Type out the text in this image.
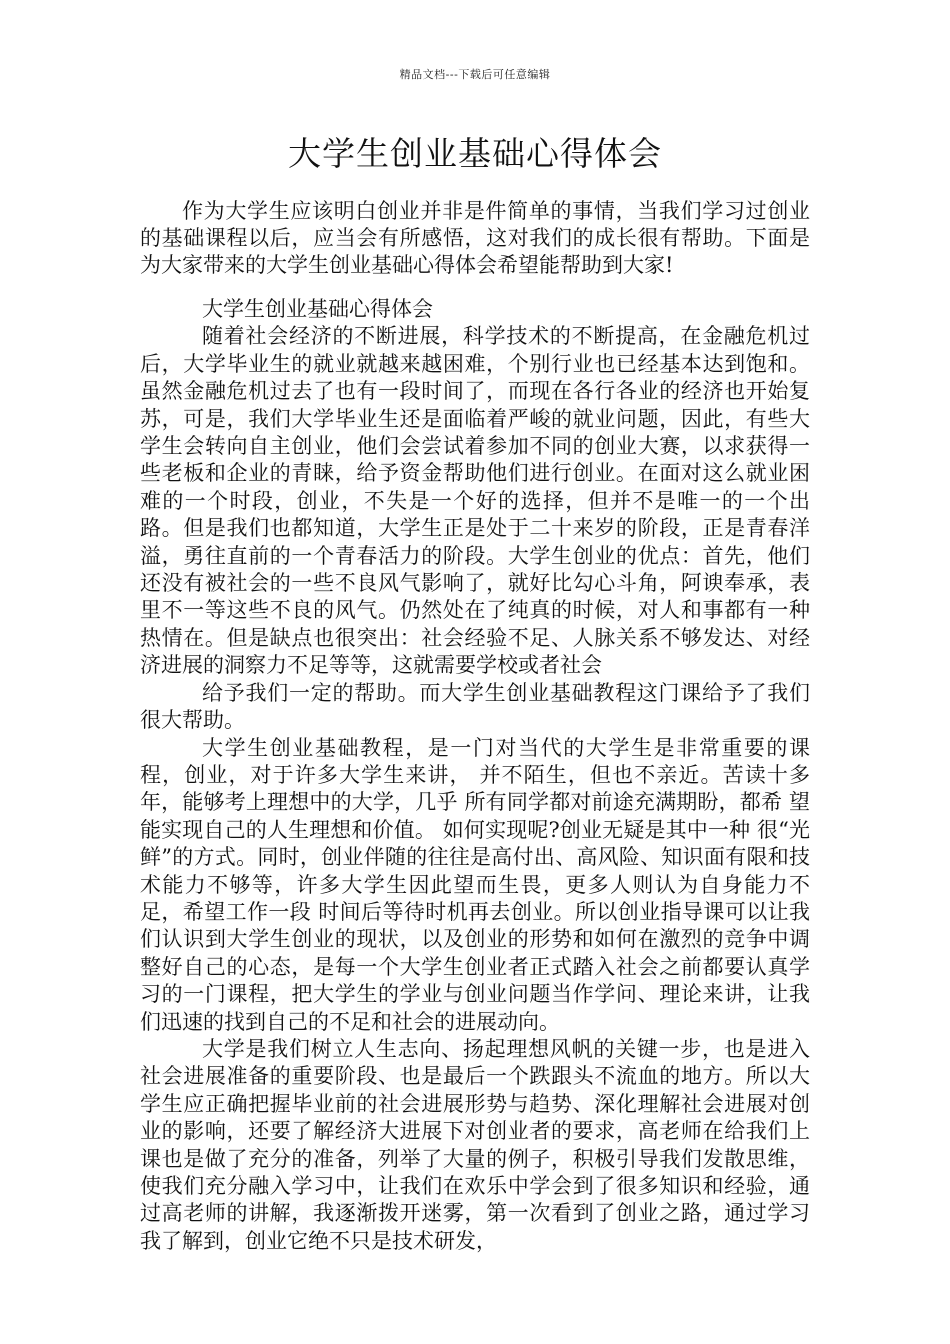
精品文档---下载后可任意编辑
大学生创业基础心得体会

作为大学生应该明白创业并非是件简单的事情，当我们学习过创业的基础课程以后，应当会有所感悟，这对我们的成长很有帮助。下面是为大家带来的大学生创业基础心得体会希望能帮助到大家!

大学生创业基础心得体会

随着社会经济的不断进展，科学技术的不断提高，在金融危机过后，大学毕业生的就业就越来越困难，个别行业也已经基本达到饱和。虽然金融危机过去了也有一段时间了，而现在各行各业的经济也开始复苏，可是，我们大学毕业生还是面临着严峻的就业问题，因此，有些大学生会转向自主创业，他们会尝试着参加不同的创业大赛，以求获得一些老板和企业的青睐，给予资金帮助他们进行创业。在面对这么就业困难的一个时段，创业，不失是一个好的选择，但并不是唯一的一个出路。但是我们也都知道，大学生正是处于二十来岁的阶段，正是青春洋溢，勇往直前的一个青春活力的阶段。大学生创业的优点：首先，他们还没有被社会的一些不良风气影响了，就好比勾心斗角，阿谀奉承，表里不一等这些不良的风气。仍然处在了纯真的时候，对人和事都有一种热情在。但是缺点也很突出：社会经验不足、人脉关系不够发达、对经济进展的洞察力不足等等，这就需要学校或者社会

给予我们一定的帮助。而大学生创业基础教程这门课给予了我们很大帮助。

大学生创业基础教程，是一门对当代的大学生是非常重要的课程，创业，对于许多大学生来讲， 并不陌生，但也不亲近。苦读十多 年，能够考上理想中的大学，几乎 所有同学都对前途充满期盼，都希 望能实现自己的人生理想和价值。 如何实现呢?创业无疑是其中一种 很“光鲜”的方式。同时，创业伴随的往往是高付出、高风险、知识面有限和技术能力不够等，许多大学生因此望而生畏，更多人则认为自身能力不足，希望工作一段 时间后等待时机再去创业。所以创业指导课可以让我们认识到大学生创业的现状，以及创业的形势和如何在激烈的竞争中调整好自己的心态，是每一个大学生创业者正式踏入社会之前都要认真学习的一门课程，把大学生的学业与创业问题当作学问、理论来讲，让我们迅速的找到自己的不足和社会的进展动向。

大学是我们树立人生志向、扬起理想风帆的关键一步，也是进入社会进展准备的重要阶段、也是最后一个跌跟头不流血的地方。所以大学生应正确把握毕业前的社会进展形势与趋势、深化理解社会进展对创业的影响，还要了解经济大进展下对创业者的要求，高老师在给我们上课也是做了充分的准备，列举了大量的例子，积极引导我们发散思维，使我们充分融入学习中，让我们在欢乐中学会到了很多知识和经验，通过高老师的讲解，我逐渐拨开迷雾，第一次看到了创业之路，通过学习我了解到，创业它绝不只是技术研发，
